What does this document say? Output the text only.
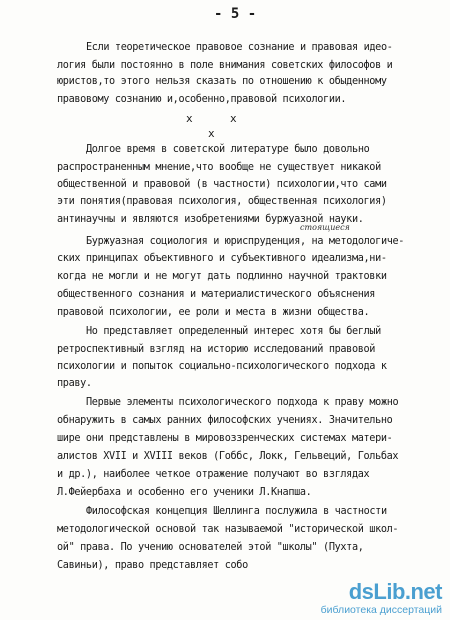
- 5 -
Если теоретическое правовое сознание и правовая идео-
логия были постоянно в поле внимания советских философов и
юристов,то этого нельзя сказать по отношению к обыденному
правовому сознанию и,особенно,правовой психологии.
x	x
x
Долгое время в советской литературе было довольно
распространенным мнение,что вообще не существует никакой
общественной и правовой (в частности) психологии,что сами
эти понятия(правовая психология, общественная психология)
антинаучны и являются изобретениями буржуазной науки.
стоящиеся
Буржуазная социология и юриспруденция, на методологиче-
ских принципах объективного и субъективного идеализма,ни-
когда не могли и не могут дать подлинно научной трактовки
общественного сознания и материалистического объяснения
правовой психологии, ее роли и места в жизни общества.
Но представляет определенный интерес хотя бы беглый
ретроспективный взгляд на историю исследований правовой
психологии и попыток социально-психологического подхода к
праву.
Первые элементы психологического подхода к праву можно
обнаружить в самых ранних философских учениях. Значительно
шире они представлены в мировоззренческих системах матери-
алистов XVII и XVIII веков (Гоббс, Локк, Гельвеций, Гольбах
и др.), наиболее четкое отражение получают во взглядах
Л.Фейербаха и особенно его ученики Л.Кнапша.
Философская концепция Шеллинга послужила в частности
методологической основой так называемой "исторической школ-
ой" права. По учению основателей этой "школы" (Пухта,
Савиньи), право представляет собо
dsLib.net
библиотека диссертаций
